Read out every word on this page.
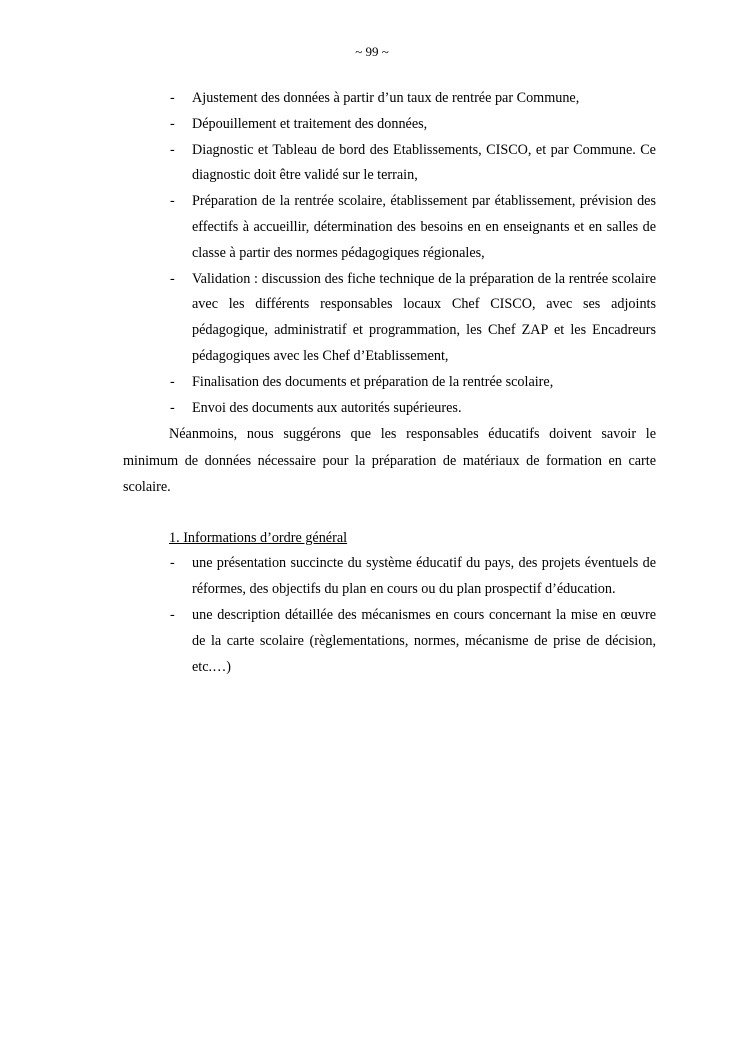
~ 99 ~
- Ajustement des données à partir d’un taux de rentrée par Commune,
- Dépouillement et traitement des données,
- Diagnostic et Tableau de bord des Etablissements, CISCO, et par Commune. Ce diagnostic doit être validé sur le terrain,
- Préparation de la rentrée scolaire, établissement par établissement, prévision des effectifs à accueillir, détermination des besoins en en enseignants et en salles de classe à partir des normes pédagogiques régionales,
- Validation : discussion des fiche technique de la préparation de la rentrée scolaire avec les différents responsables locaux Chef CISCO, avec ses adjoints pédagogique, administratif et programmation, les Chef ZAP et les Encadreurs pédagogiques avec les Chef d’Etablissement,
- Finalisation des documents et préparation de la rentrée scolaire,
- Envoi des documents aux autorités supérieures.

Néanmoins, nous suggérons que les responsables éducatifs doivent savoir le minimum de données nécessaire pour la préparation de matériaux de formation en carte scolaire.

1. Informations d’ordre général

- une présentation succincte du système éducatif du pays, des projets éventuels de réformes, des objectifs du plan en cours ou du plan prospectif d’éducation.
- une description détaillée des mécanismes en cours concernant la mise en œuvre de la carte scolaire (règlementations, normes, mécanisme de prise de décision, etc.…)
